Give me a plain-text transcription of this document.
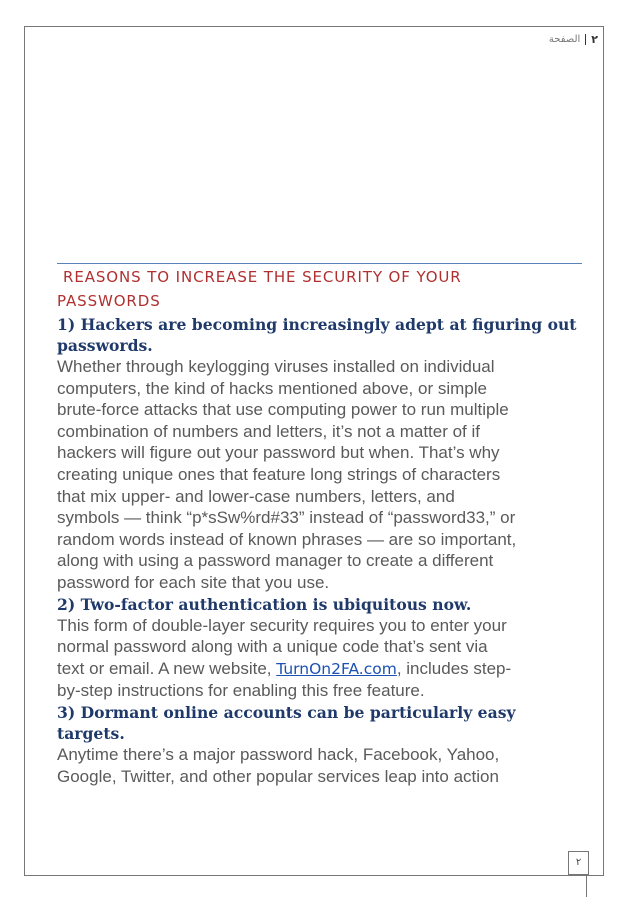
٢
الصفحة
REASONS TO INCREASE THE SECURITY OF YOUR
PASSWORDS
1) Hackers are becoming increasingly adept at figuring out
passwords.
Whether through keylogging viruses installed on individual
computers, the kind of hacks mentioned above, or simple
brute-force attacks that use computing power to run multiple
combination of numbers and letters, it’s not a matter of if
hackers will figure out your password but when. That’s why
creating unique ones that feature long strings of characters
that mix upper- and lower-case numbers, letters, and
symbols — think “p*sSw%rd#33” instead of “password33,” or
random words instead of known phrases — are so important,
along with using a password manager to create a different
password for each site that you use.
2) Two-factor authentication is ubiquitous now.
This form of double-layer security requires you to enter your
normal password along with a unique code that’s sent via
text or email. A new website, TurnOn2FA.com, includes step-
by-step instructions for enabling this free feature.
3) Dormant online accounts can be particularly easy
targets.
Anytime there’s a major password hack, Facebook, Yahoo,
Google, Twitter, and other popular services leap into action
٢
